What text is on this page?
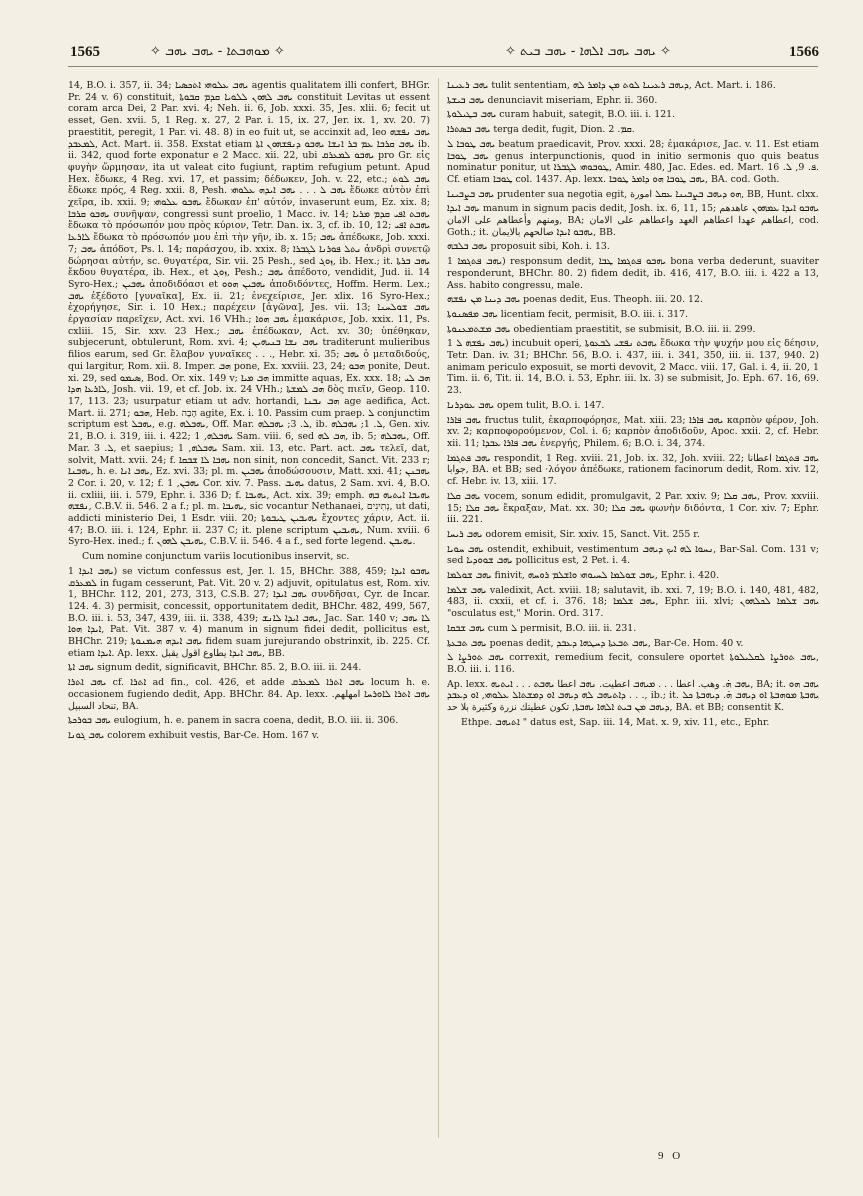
1565	✧ ܡܘܗܒܬܐ - ܝܗܒ ܝܗܒ ✧	✧ ܝܗܒ ܝܗܒ ܐܠܗܐ - ܝܗܒ ܒܝܬ ✧	1566

14, B.O. i. 357, ii. 34; ܝܗܒ ܥܠܘܗܝ ܐܬܟܣܝܐ agentis qualitatem illi confert, BHGr. Pr. 24 v. 6) constituit, ܝܗܒ ܠܗܘܢ ܠܠܘܝܐ ܩܕܡ ܩܒܘܬܐ constituit Levitas ut essent coram arca Dei, 2 Par. xvi. 4; Neh. ii. 6, Job. xxxi. 35, Jes. xlii. 6; fecit ut esset, Gen. xvii. 5, 1 Reg. x. 27, 2 Par. i. 15, ix. 27, Jer. ix. 1, xv. 20. 7) praestitit, peregit, 1 Par. vi. 48. 8) in eo fuit ut, se accinxit ad, leo ܝܗܒ ܢܦܫܗ ܠܡܥܒܕ, Act. Mart. ii. 358. Exstat etiam ܝܗܒ ܩܪܒܐ ܥܡ ܒܪ ܐܢܫܐ ܝܗܒܘ ܕܢܦܫܗܘܢ ܐܬܐ ib. ii. 342, quod forte exponatur e 2 Macc. xii. 22, ubi ܝܗܒܘ ܠܡܥܪܩ pro Gr. εἰς φυγὴν ὥρμησαν, ita ut valeat cito fugiunt, raptim refugium petunt. Apud Hex. ἔδωκε, 4 Reg. xvi. 17, et passim; δέδωκεν, Joh. v. 22, etc.; ܝܗܒ ܠܘܬ ἔδωκε πρός, 4 Reg. xxii. 8, Pesh. ܝܗܒ ܠ . . . ܝܗܒ ܐܝܕܗ ܥܠܘܗܝ ἔδωκε αὐτὸν ἐπὶ χεῖρα, ib. xxii. 9; ܝܗܒܘ ܥܠܘܗܝ ἔδωκαν ἐπ' αὐτόν, invaserunt eum, Ez. xix. 8; ܝܗܒܘ ܩܪܒܐ συνῆψαν, congressi sunt proelio, 1 Macc. iv. 14; ܝܗܒܬ ܐܦܝ ܩܕܡ ܡܪܝܐ ἔδωκα τὸ πρόσωπόν μου πρὸς κύριον, Tetr. Dan. ix. 3, cf. ib. 10, 12; ܝܗܒܬ ܐܦܝ ܠܐܪܥܐ ἔδωκα τὸ πρόσωπόν μου ἐπὶ τὴν γῆν, ib. x. 15; ܝܗܒ ἀπέδωκε, Job. xxxi. 7; ܝܗܒ ἀπόδοτ, Ps. l. 14; παράσχου, ib. xxix. 8; ܢܬܠ ܦܘܪܢܐ ܠܓܒܪܐ ἀνδρὶ συνετῷ δώρησαι αὐτήν, sc. θυγατέρα, Sir. vii. 25 Pesh., sed ܙܘܓ, ib. Hex.; it. ܝܗܒ ܒܪܬܐ ἔκδου θυγατέρα, ib. Hex., et ܙܘܓ, Pesh.; ܝܗܒ ἀπέδοτο, vendidit, Jud. ii. 14 Syro-Hex.; ܝܗܒܝܢ ἀποδιδόασι et ܝܗܒܝܢ ܗܘܘ ἀποδιδόντες, Hoffm. Herm. Lex.; ܝܗܒ ἐξέδοτο [γυναῖκα], Ex. ii. 21; ἐνεχείρισε, Jer. xlix. 16 Syro-Hex.; ἐχορήγησε, Sir. i. 10 Hex.; παρέχειν [ἀγῶνα], Jes. vii. 13; ܝܗܒ ܫܘܠܚܢܐ ἐργασίαν παρεῖχεν, Act. xvi. 16 VHh.; ܝܗܒ ܗܘܐ ἐμακάρισε, Job. xxix. 11, Ps. cxliii. 15, Sir. xxv. 23 Hex.; ܝܗܒ ἐπέδωκαν, Act. xv. 30; ὑπέθηκαν, subjecerunt, obtulerunt, Rom. xvi. 4; ܝܗܒ ܢܫܐ ܒܢܝܗܝܢ traditerunt mulieribus filios earum, sed Gr. ἔλαβον γυναῖκες . . ., Hebr. xi. 35; ܝܗܒ ὁ μεταδιδούς, qui largitur, Rom. xii. 8. Imper. ܗܒ pone, Ex. xxviii. 23, 24; ܗܒܘ ponite, Deut. xi. 29, sed ܣܝܡܘ, Bod. Or. xix. 149 v; ܗܒ ܡܝܐ immitte aquas, Ex. xxx. 18; ܗܒ ܠܝ ܠܐܪܥܐ ܗܕܐ, Josh. vii. 19, et cf. Job. ix. 24 VHh.; ܗܒ ܠܡܫܬܐ δὸς πιεῖν, Geop. 110. 17, 113. 23; usurpatur etiam ut adv. hortandi, ܗܒ ܢܒܢܐ age aedifica, Act. Mart. ii. 271; ܗܒܘ, Heb. הָבָה agite, Ex. i. 10. Passim cum praep. ܠ conjunctim scriptum est ܝܗܒܠ, e.g. ܝܗܒܠܗ, Off. Mar. ܠ. 3; ܝܗܒܠܗ, ib. ܠ. 1; ܝܗܒܠܗ, Gen. xiv. 21, B.O. i. 319, iii. i. 422; ܝܗܒܠܗ, 1 Sam. viii. 6, sed ܗܒ ܠܗ, ib. 5; ܝܗܒܠܗ, Off. Mar. ܠ. 3, et saepius; ܝܗܒܠܗ, 1 Sam. xii. 13, etc. Part. act. ܝܗܒ τελεῖ, dat, solvit, Matt. xvii. 24; f. ܝܗܒܐ ܠܐ ܫܒܩܐ non sinit, non concedit, Sanct. Vit. 233 r; ܝܗܒܢܐ, h. e. ܝܗܒ ܐܢܐ, Ez. xvi. 33; pl. m. ܝܗܒܝܢ ἀποδώσουσιν, Matt. xxi. 41; ܝܗܒܢܢ 2 Cor. i. 20, v. 12; f. ܝܗܒܢ, 1 Cor. xiv. 7. Pass. ܝܗܝܒ datus, 2 Sam. xvi. 4, B.O. ii. cxliii, iii. i. 579, Ephr. i. 336 D; f. ܝܗܝܒܐ, Act. xix. 39; emph. ܝܗܝܒܐ ܐܝܬܝܗ ܒܗ ܢܦܫܗ, C.B.V. ii. 546. 2 a f.; pl. m. ܝܗܝܒܐ, sic vocantur Nethanaei, נְתִינִים, ut dati, addicti ministerio Dei, 1 Esdr. viii. 20; ܝܗܝܒܝܢ ܛܝܒܘܬܐ ἔχοντες χάριν, Act. ii. 47; B.O. iii. i. 124, Ephr. ii. 237 C; it. plene scriptum ܝܗܝܒܝܢ, Num. xviii. 6 Syro-Hex. ined.; f. ܝܗܝܒܢ ܠܗܘܢ, C.B.V. ii. 546. 4 a f., sed forte legend. ܝܗܝܒܢ.

Cum nomine conjunctum variis locutionibus inservit, sc.

ܝܗܒ ܐܝܕܐ 1) se victum confessus est, Jer. l. 15, BHChr. 388, 459; ܝܗܒܘ ܐܝܕܐ ܠܡܥܪܩ in fugam cesserunt, Pat. Vit. 20 v. 2) adjuvit, opitulatus est, Rom. xiv. 1, BHChr. 112, 201, 273, 313, C.S.B. 27; ܝܗܒ ܐܝܕܐ συνδῆσαι, Cyr. de Incar. 124. 4. 3) permisit, concessit, opportunitatem dedit, BHChr. 482, 499, 567, B.O. iii. i. 53, 347, 439, iii. ii. 338, 439; ܝܗܒ ܐܝܕܐ ܠܐܢܫ, Jac. Sar. 140 v; ܠܐ ܝܗܒ ܐܝܕܐ ܗܘܐ, Pat. Vit. 387 v. 4) manum in signum fidei dedit, pollicitus est, BHChr. 219; ܝܗܒ ܐܝܕܗ ܗܝܡܢܘܬܐ fidem suam jurejurando obstrinxit, ib. 225. Cf. etiam ܐܝܕܐ. Ap. lexx. ܝܗܒ ܐܝܕܐ يطاوع اقول يقبل, BB.

ܝܗܒ ܐܬܐ signum dedit, significavit, BHChr. 85. 2, B.O. iii. ii. 244.

ܝܗܒ ܐܬܪܐ cf. ܐܬܪܐ ad fin., col. 426, et adde ܝܗܒ ܐܬܪܐ ܠܡܥܪܩ locum h. e. occasionem fugiendo dedit, App. BHChr. 84. Ap. lexx. ܝܗܒ ܐܬܪܐ ܠܐܘܪܚܐ امهلهم. تنحاد السبيل, BA.

ܝܗܒ ܒܘܪܟܬܐ eulogium, h. e. panem in sacra coena, dedit, B.O. iii. ii. 306.

ܝܗܒ ܓܘܢܐ colorem exhibuit vestis, Bar-Ce. Hom. 167 v.

ܝܗܒ ܪܥܝܢܐ tulit sententiam, ܕܝܗܒ ܪܥܝܢܐ ܠܘܬ ܡܢ ܕܐܡܪ ܠܗ, Act. Mart. i. 186.

ܝܗܒ ܒܝܫܬܐ denunciavit miseriam, Ephr. ii. 360.

ܝܗܒ ܒܛܝܠܘܬܐ curam habuit, sategit, B.O. iii. i. 121.

ܝܗܒ ܒܣܬܪܐ terga dedit, fugit, Dion. ܩܡ. 2.

ܝܗܒ ܛܘܒܐ ܠ beatum praedicavit, Prov. xxxi. 28; ἐμακάρισε, Jac. v. 11. Est etiam ܝܗܒ ܛܘܒܐ genus interpunctionis, quod in initio sermonis quo quis beatus nominatur ponitur, ut ܛܘܒܘܗܝ ܠܓܒܪܐ, Amir. 480, Jac. Edes. ed. Mart. ܦ. 9, ܠ. 16. Cf. etiam ܛܘܒܐ col. 1437. Ap. lexx. ܝܗܒ ܛܘܒܐ ܗܘ ܕܐܡܪ ܛܘܒܐ, BA. cod. Goth.

ܝܗܒ ܒܨܒܝܢܐ prudenter sua negotia egit, ܗܘ ܕܝܗܒ ܒܨܒܝܢܐ ܥܩܠ امورة, BB, Hunt. clxx.

ܝܗܒ ܐܝܕܐ manum in signum pacis dedit, Josh. ix. 6, 11, 15; ܝܗܒܘ ܐܝܕܐ ܥܡܗܘܢ عاهدهم ومنهم وأعطاهم على الامان, BA; اعطاهم عهدا اعطاهم العهد واعطاهم على الامان, cod. Goth.; it. ܝܗܒܘ ܐܝܕܐ صالحهم بالايمان, BB.

ܝܗܒ ܒܠܒܗ proposuit sibi, Koh. i. 13.

ܝܗܒ ܦܬܓܡܐ 1) responsum dedit, ܝܗܒܘ ܦܬܓܡܐ ܛܒܐ bona verba dederunt, suaviter responderunt, BHChr. 80. 2) fidem dedit, ib. 416, 417, B.O. iii. i. 422 a 13, Ass. habito congressu, male.

ܝܗܒ ܕܝܢܐ ܡܢ ܢܦܫܗ poenas dedit, Eus. Theoph. iii. 20. 12.

ܝܗܒ ܡܦܣܢܘܬܐ licentiam fecit, permisit, B.O. iii. i. 317.

ܝܗܒ ܡܫܬܡܥܢܘܬܐ obedientiam praestitit, se submisit, B.O. iii. ii. 299.

ܝܗܒ ܢܦܫܗ ܠ 1) incubuit operi, ܝܗܒܬ ܢܦܫܝ ܠܒܥܘܬܐ ἔδωκα τὴν ψυχήν μου εἰς δέησιν, Tetr. Dan. iv. 31; BHChr. 56, B.O. i. 437, iii. i. 341, 350, iii. ii. 137, 940. 2) animam periculo exposuit, se morti devovit, 2 Macc. viii. 17, Gal. i. 4, ii. 20, 1 Tim. ii. 6, Tit. ii. 14, B.O. i. 53, Ephr. iii. lx. 3) se submisit, Jo. Eph. 67. 16, 69. 23.

ܝܗܒ ܥܘܕܪܢܐ opem tulit, B.O. i. 147.

ܝܗܒ ܦܐܪܐ fructus tulit, ἐκαρποφόρησε, Mat. xiii. 23; ܝܗܒ ܦܐܪܐ καρπὸν φέρον, Joh. xv. 2; καρποφορούμενον, Col. i. 6; καρπὸν ἀποδιδοῦν, Apoc. xxii. 2, cf. Hebr. xii. 11; ܝܗܒ ܦܐܪܐ ܥܒܕܐ ἐνεργής, Philem. 6; B.O. i. 34, 374.

ܝܗܒ ܦܬܓܡܐ respondit, 1 Reg. xviii. 21, Job. ix. 32, Joh. xviii. 22; ܝܗܒ ܦܬܓܡܐ اعطانا جوابا, BA. et BB; sed ·λόγον ἀπέδωκε, rationem facinorum dedit, Rom. xiv. 12, cf. Hebr. iv. 13, xiii. 17.

ܝܗܒ ܩܠܐ vocem, sonum edidit, promulgavit, 2 Par. xxiv. 9; ܝܗܒ ܩܠܐ, Prov. xxviii. 15; ܝܗܒ ܩܠܐ ἔκραξαν, Mat. xx. 30; ܝܗܒ ܩܠܐ φωνὴν διδόντα, 1 Cor. xiv. 7; Ephr. iii. 221.

ܝܗܒ ܪܝܚܐ odorem emisit, Sir. xxiv. 15, Sanct. Vit. 255 r.

ܝܗܒ ܚܘܝܐ ostendit, exhibuit, vestimentum ܢܚܘܐ ܠܗ ܐܝܟ ܕܝܗܒ, Bar-Sal. Com. 131 v; sed ܝܗܒ ܫܘܘܕܝܐ pollicitus est, 2 Pet. i. 4.

ܝܗܒ ܫܘܠܡܐ finivit, ܝܗܒ ܫܘܠܡܐ ܠܚܝܘܗܝ ܘܐܫܠܡ ܪܘܚܗ, Ephr. i. 420.

ܝܗܒ ܫܠܡܐ valedixit, Act. xviii. 18; salutavit, ib. xxi. 7, 19; B.O. i. 140, 481, 482, 483, ii. cxxii, et cf. i. 376. 18; ܝܗܒ ܫܠܡܐ, Ephr. iii. xlvi; ܝܗܒ ܫܠܡܐ ܠܟܠܗܘܢ "osculatus est," Morin. Ord. 317.

ܝܗܒ ܫܒܩܐ cum ܠ permisit, B.O. iii. ii. 231.

ܝܗܒ ܬܒܥܬܐ poenas dedit, ܝܗܒ ܬܒܥܬܐ ܕܚܛܗܐ ܕܥܒܕ, Bar-Ce. Hom. 40 v.

ܝܗܒ ܬܘܪܨܐ ܠ correxit, remedium fecit, consulere oportet ܝܗܒ ܬܘܪܨܐ ܠܩܠܝܠܘܬܐ, B.O. iii. i. 116.

Ap. lexx. ܝܗܒ ܗ̇. وهب. اعطا . . . ܡܝܗܒ اعطيت. ܢܗܒ اعطا ܝܗܒܬ . . . ܐܝܬܝܗ, BA; it. ܝܗܒ ܗܘ ܕܐܬܝܗܒ ܠܗ ܕܝܗܒ ܐܘ ܕܡܫܬܐܠ ܥܠܘܗܝ, ܐܘ ܕܥܒܕ . . ., ib.; it. ܝܗܒܬܐ ܡܘܗܒܬܐ ܐܘ ܕܝܗܒ ܗ̇. ܕܝܗܒܬܐ ܟܠ ܕܝܗܒ ܡܢ ܒܝܬ ܐܠܗܐ ܝܗܒܬܐ, تكون عطيتك نزرة وكثيرة بلا حد, BA. et BB; consentit K.

Ethpe. ܐܬܝܗܒ " datus est, Sap. iii. 14, Mat. x. 9, xiv. 11, etc., Ephr.

9 O
